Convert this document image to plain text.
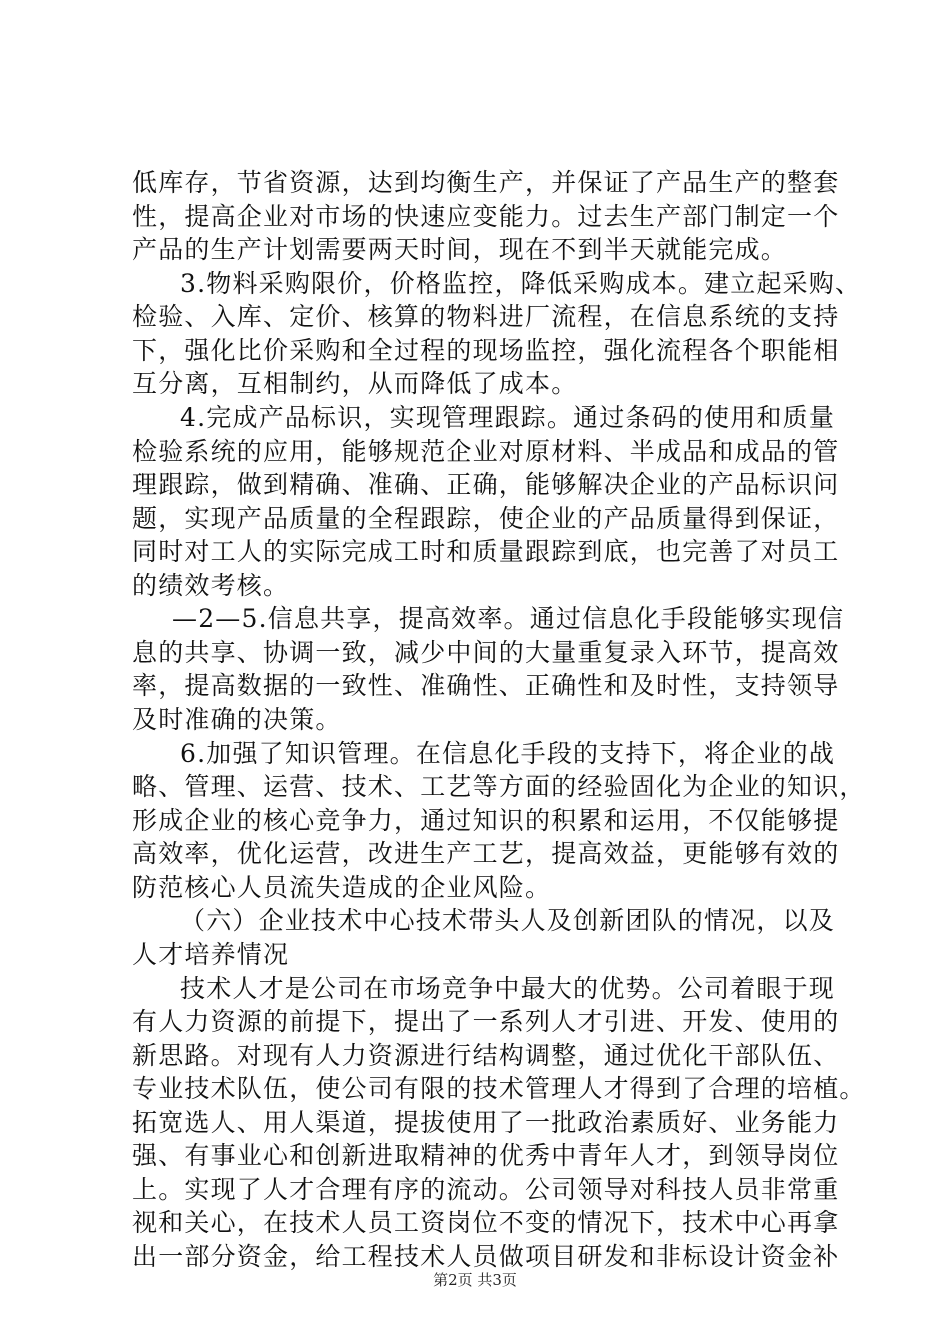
低库存，节省资源，达到均衡生产，并保证了产品生产的整套
性，提高企业对市场的快速应变能力。过去生产部门制定一个
产品的生产计划需要两天时间，现在不到半天就能完成。
3.物料采购限价，价格监控，降低采购成本。建立起采购、
检验、入库、定价、核算的物料进厂流程，在信息系统的支持
下，强化比价采购和全过程的现场监控，强化流程各个职能相
互分离，互相制约，从而降低了成本。
4.完成产品标识，实现管理跟踪。通过条码的使用和质量
检验系统的应用，能够规范企业对原材料、半成品和成品的管
理跟踪，做到精确、准确、正确，能够解决企业的产品标识问
题，实现产品质量的全程跟踪，使企业的产品质量得到保证，
同时对工人的实际完成工时和质量跟踪到底，也完善了对员工
的绩效考核。
—2—5.信息共享，提高效率。通过信息化手段能够实现信
息的共享、协调一致，减少中间的大量重复录入环节，提高效
率，提高数据的一致性、准确性、正确性和及时性，支持领导
及时准确的决策。
6.加强了知识管理。在信息化手段的支持下，将企业的战
略、管理、运营、技术、工艺等方面的经验固化为企业的知识，
形成企业的核心竞争力，通过知识的积累和运用，不仅能够提
高效率，优化运营，改进生产工艺，提高效益，更能够有效的
防范核心人员流失造成的企业风险。
（六）企业技术中心技术带头人及创新团队的情况，以及
人才培养情况
技术人才是公司在市场竞争中最大的优势。公司着眼于现
有人力资源的前提下，提出了一系列人才引进、开发、使用的
新思路。对现有人力资源进行结构调整，通过优化干部队伍、
专业技术队伍，使公司有限的技术管理人才得到了合理的培植。
拓宽选人、用人渠道，提拔使用了一批政治素质好、业务能力
强、有事业心和创新进取精神的优秀中青年人才，到领导岗位
上。实现了人才合理有序的流动。公司领导对科技人员非常重
视和关心，在技术人员工资岗位不变的情况下，技术中心再拿
出一部分资金，给工程技术人员做项目研发和非标设计资金补
第2页 共3页
